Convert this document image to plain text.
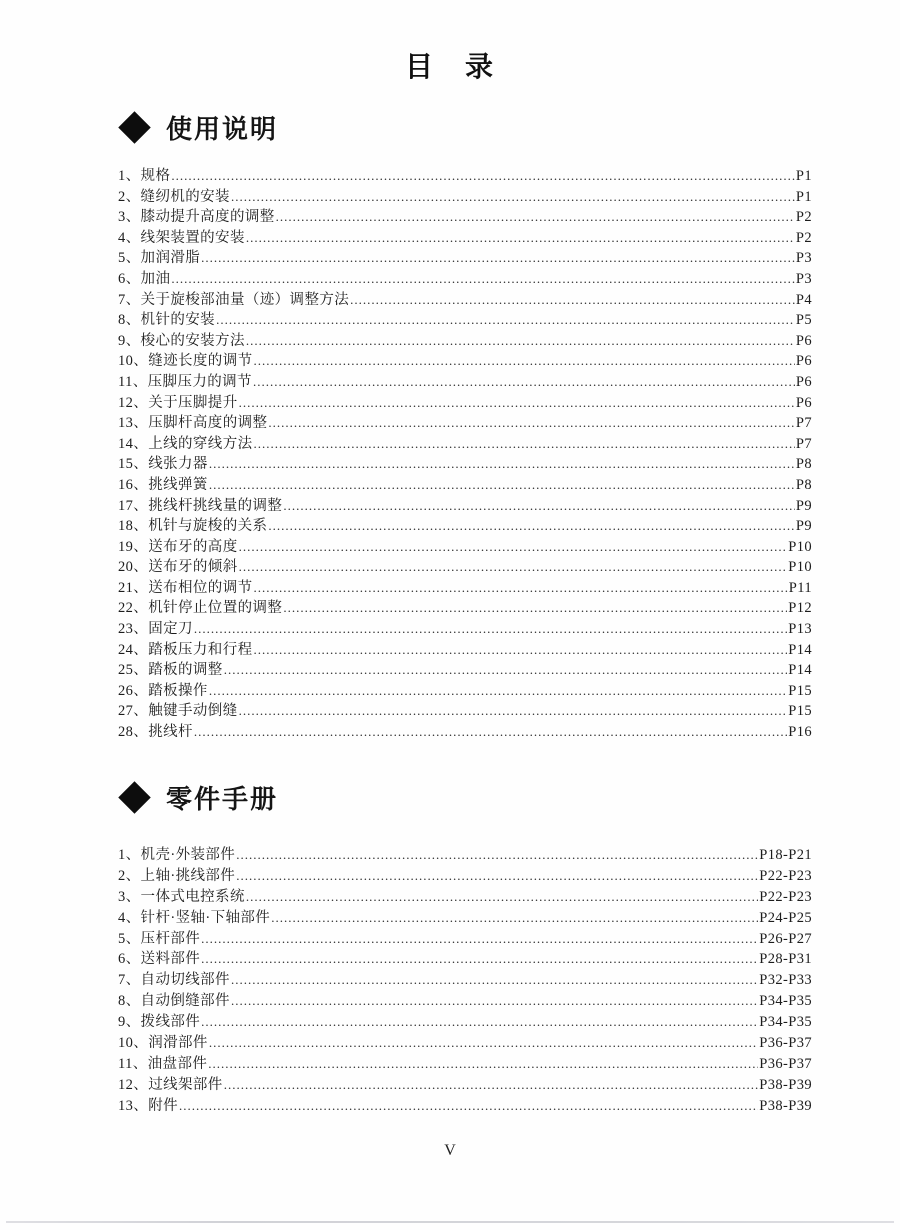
目　录
使用说明
1、规格 .....	P1
2、缝纫机的安装 .....	P1
3、膝动提升高度的调整 .....	P2
4、线架装置的安装 .....	P2
5、加润滑脂 .....	P3
6、加油 .....	P3
7、关于旋梭部油量（迹）调整方法 .....	P4
8、机针的安装 .....	P5
9、梭心的安装方法 .....	P6
10、缝迹长度的调节 .....	P6
11、压脚压力的调节 .....	P6
12、关于压脚提升 .....	P6
13、压脚杆高度的调整 .....	P7
14、上线的穿线方法 .....	P7
15、线张力器 .....	P8
16、挑线弹簧 .....	P8
17、挑线杆挑线量的调整 .....	P9
18、机针与旋梭的关系 .....	P9
19、送布牙的高度 .....	P10
20、送布牙的倾斜 .....	P10
21、送布相位的调节 .....	P11
22、机针停止位置的调整 .....	P12
23、固定刀 .....	P13
24、踏板压力和行程 .....	P14
25、踏板的调整 .....	P14
26、踏板操作 .....	P15
27、触键手动倒缝 .....	P15
28、挑线杆 .....	P16
零件手册
1、机壳·外装部件 .....	P18-P21
2、上轴·挑线部件 .....	P22-P23
3、一体式电控系统 .....	P22-P23
4、针杆·竖轴·下轴部件 .....	P24-P25
5、压杆部件 .....	P26-P27
6、送料部件 .....	P28-P31
7、自动切线部件 .....	P32-P33
8、自动倒缝部件 .....	P34-P35
9、拨线部件 .....	P34-P35
10、润滑部件 .....	P36-P37
11、油盘部件 .....	P36-P37
12、过线架部件 .....	P38-P39
13、附件 .....	P38-P39
V
